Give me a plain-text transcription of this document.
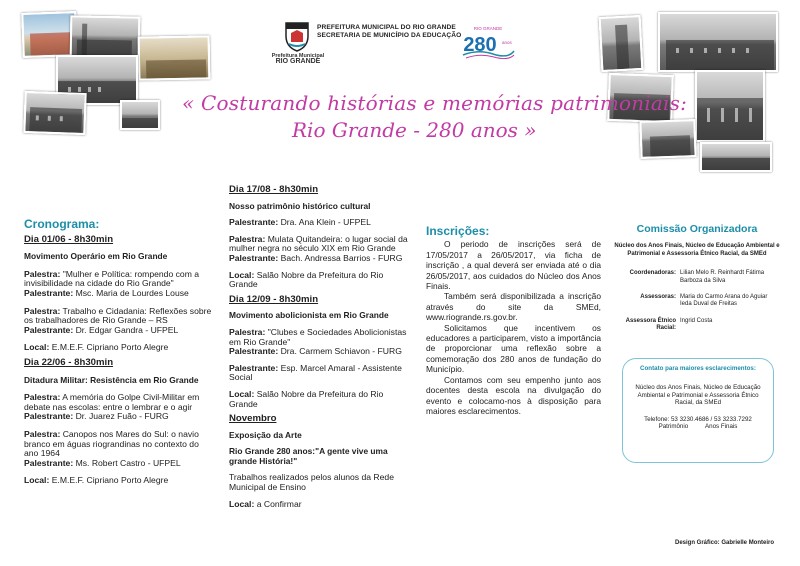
Prefeitura Municipal
RIO GRANDE
PREFEITURA MUNICIPAL DO RIO GRANDE
SECRETARIA DE MUNICÍPIO DA EDUCAÇÃO
RIO GRANDE
280 anos
« Costurando histórias e memórias patrimoniais:
Rio Grande - 280 anos »

Cronograma:

Dia 01/06 - 8h30min

Movimento Operário em Rio Grande

Palestra: "Mulher e Política: rompendo com a invisibilidade na cidade do Rio Grande"

Palestrante: Msc. Maria de Lourdes Louse

Palestra: Trabalho e Cidadania: Reflexões sobre os trabalhadores de Rio Grande – RS

Palestrante: Dr. Edgar Gandra - UFPEL

Local: E.M.E.F. Cipriano Porto Alegre

Dia 22/06 - 8h30min

Ditadura Militar: Resistência em Rio Grande

Palestra: A memória do Golpe Civil-Militar em debate nas escolas: entre o lembrar e o agir

Palestrante: Dr. Juarez Fuão - FURG

Palestra: Canopos nos Mares do Sul: o navio branco em águas riograndinas no contexto do ano 1964

Palestrante: Ms. Robert Castro - UFPEL

Local: E.M.E.F. Cipriano Porto Alegre

Dia 17/08 - 8h30min

Nosso patrimônio histórico cultural

Palestrante: Dra. Ana Klein - UFPEL

Palestra: Mulata Quitandeira: o lugar social da mulher negra no século XIX em Rio Grande

Palestrante: Bach. Andressa Barrios - FURG

Local: Salão Nobre da Prefeitura do Rio Grande

Dia 12/09 - 8h30min

Movimento abolicionista em Rio Grande

Palestra: "Clubes e Sociedades Abolicionistas em Rio Grande"

Palestrante: Dra. Carmem Schiavon - FURG

Palestrante: Esp. Marcel Amaral - Assistente Social

Local: Salão Nobre da Prefeitura do Rio Grande

Novembro

Exposição da Arte

Rio Grande 280 anos:"A gente vive uma grande História!"

Trabalhos realizados pelos alunos da Rede Municipal de Ensino

Local: a Confirmar

Inscrições:

O periodo de inscrições será de 17/05/2017 a 26/05/2017, via ficha de inscrição , a qual deverá ser enviada até o dia 26/05/2017, aos cuidados do Núcleo dos Anos Finais.

Também será disponibilizada a inscrição através do site da SMEd, www.riogrande.rs.gov.br.

Solicitamos que incentivem os educadores a participarem, visto a importância de proporcionar uma reflexão sobre a comemoração dos 280 anos de fundação do Município.

Contamos com seu empenho junto aos docentes desta escola na divulgação do evento e colocamo-nos à disposição para maiores esclarecimentos.

Comissão Organizadora

Núcleo dos Anos Finais, Núcleo de Educação Ambiental e Patrimonial e Assessoria Étnico Racial, da SMEd

Coordenadoras: Lilian Melo R. Reinhardt Fátima Barboza da Silva
Assessoras: Maria do Carmo Arana do Aguiar Ieda Duval de Freitas
Assessora Étnico Racial:
Ingrid Costa

Contato para maiores esclarecimentos:

Núcleo dos Anos Finais, Núcleo de Educação Ambiental e Patrimonial e Assessoria Étnico Racial, da SMEd

Telefone: 53 3230.4686 / 53 3233.7292

Patrimônio          Anos Finais

Design Gráfico: Gabrielle Monteiro
